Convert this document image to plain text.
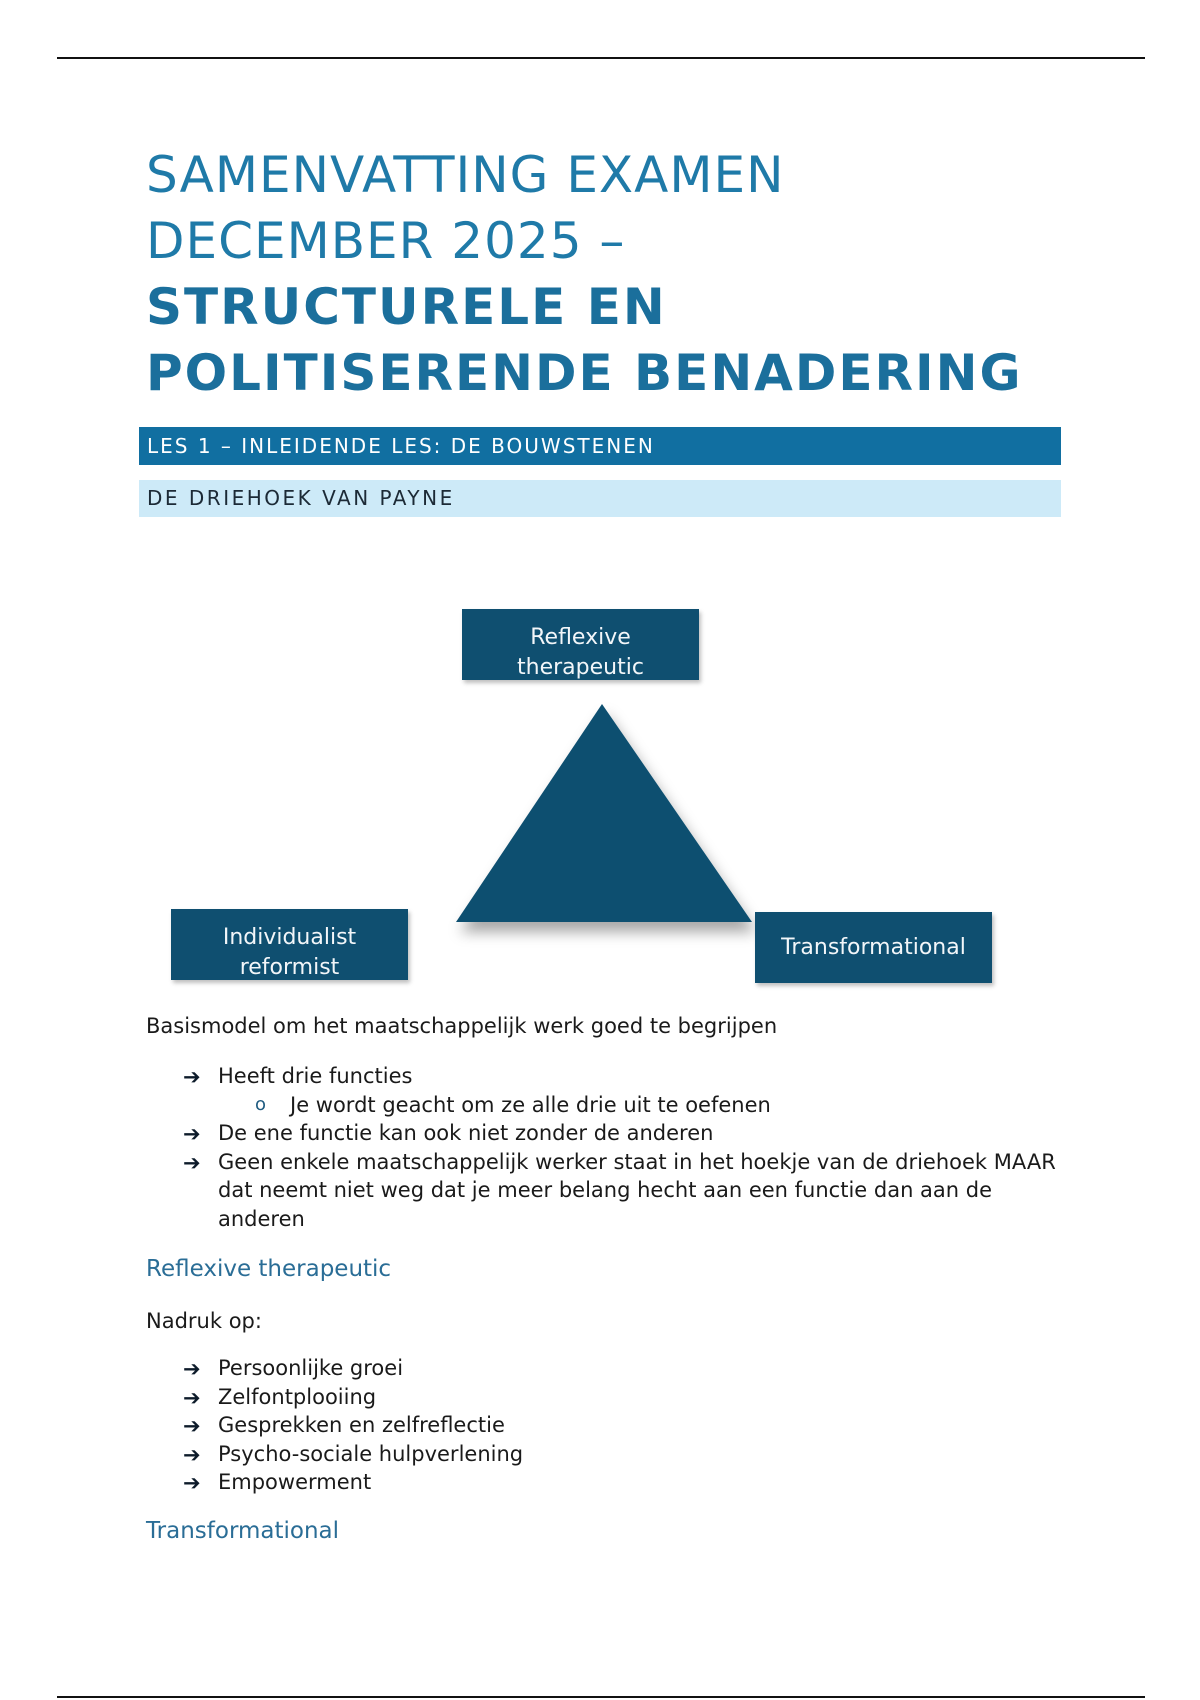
SAMENVATTING EXAMEN
DECEMBER 2025 –
STRUCTURELE EN
POLITISERENDE BENADERING
LES 1 – INLEIDENDE LES: DE BOUWSTENEN
DE DRIEHOEK VAN PAYNE
Reflexive
therapeutic
Individualist
reformist
Transformational

Basismodel om het maatschappelijk werk goed te begrijpen

➔ Heeft drie functies
o Je wordt geacht om ze alle drie uit te oefenen
➔ De ene functie kan ook niet zonder de anderen
➔ Geen enkele maatschappelijk werker staat in het hoekje van de driehoek MAAR dat neemt niet weg dat je meer belang hecht aan een functie dan aan de anderen
Reflexive therapeutic

Nadruk op:

➔ Persoonlijke groei
➔ Zelfontplooiing
➔ Gesprekken en zelfreflectie
➔ Psycho-sociale hulpverlening
➔ Empowerment
Transformational
